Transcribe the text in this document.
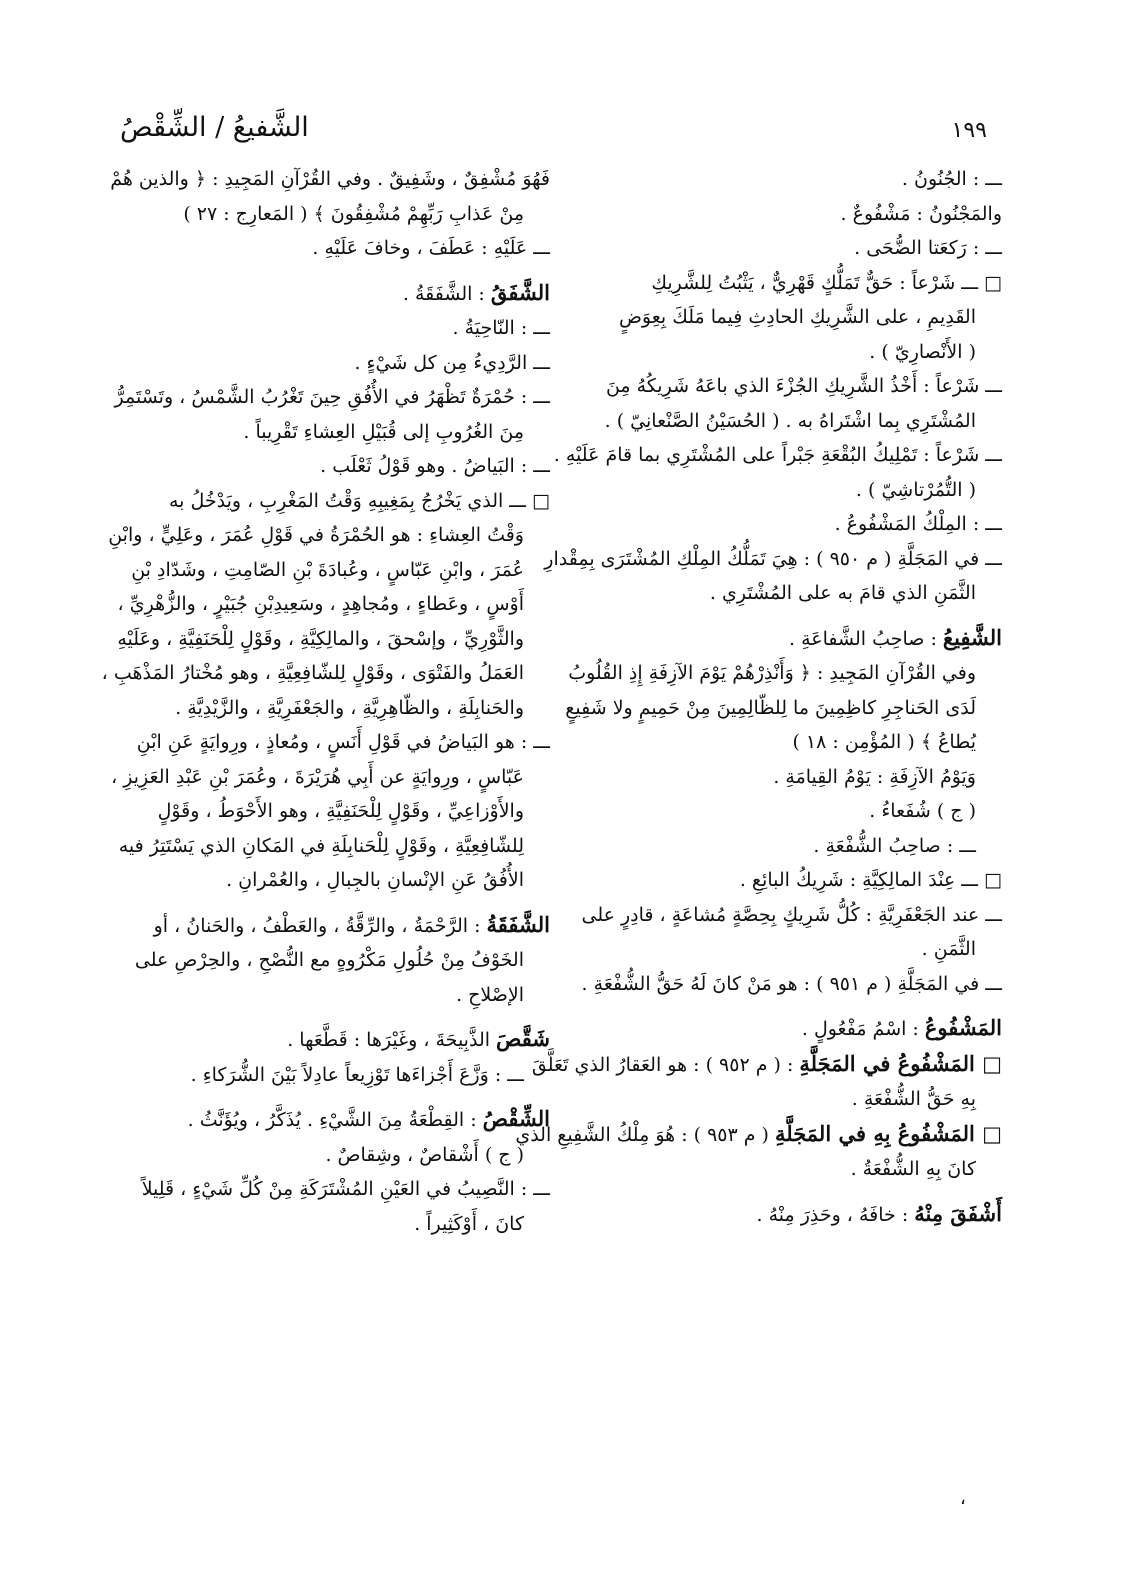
الشَّفيعُ / الشِّقْصُ	١٩٩
ـــ : الجُنُونُ .
والمَجْنُونُ : مَشْفُوعٌ .
ـــ : رَكعَتا الضُّحَى .
□ ـــ شَرْعاً : حَقٌّ تَمَلُّكٍ قَهْرِيٌّ ، يَثْبُتُ لِلشَّرِيكِ
القَدِيمِ ، على الشَّرِيكِ الحادِثِ فِيما مَلَكَ بِعِوَضٍ
( الأَنْصارِيّ ) .
ـــ شَرْعاً : أَخْذُ الشَّرِيكِ الجُزْءَ الذي باعَهُ شَرِيكُهُ مِنَ
المُشْتَرِي بِما اشْتَراهُ به . ( الحُسَيْنُ الصَّنْعانِيّ ) .
ـــ شَرْعاً : تَمْلِيكُ البُقْعَةِ جَبْراً على المُشْتَرِي بما قامَ عَلَيْهِ .
( التُّمُرْتاشِيّ ) .
ـــ : المِلْكُ المَشْفُوعُ .
ـــ في المَجَلَّةِ ( م ٩٥٠ ) : هِيَ تَمَلُّكُ المِلْكِ المُشْتَرَى بِمِقْدارِ
الثَّمَنِ الذي قامَ به على المُشْتَرِي .
الشَّفِيعُ : صاحِبُ الشَّفاعَةِ .
وفي القُرْآنِ المَجِيدِ : ﴿ وَأَنْذِرْهُمْ يَوْمَ الآزِفَةِ إِذِ القُلُوبُ
لَدَى الحَناجِرِ كاظِمِينَ ما لِلظّالِمِينَ مِنْ حَمِيمٍ ولا شَفِيعٍ
يُطاعُ ﴾ ( المُؤْمِن : ١٨ )
وَيَوْمُ الآزِفَةِ : يَوْمُ القِيامَةِ .
( ج ) شُفَعاءُ .
ـــ : صاحِبُ الشُّفْعَةِ .
□ ـــ عِنْدَ المالِكِيَّةِ : شَرِيكُ البائِعِ .
ـــ عند الجَعْفَرِيَّةِ : كُلُّ شَرِيكٍ بِحِصَّةٍ مُشاعَةٍ ، قادِرٍ على
الثَّمَنِ .
ـــ في المَجَلَّةِ ( م ٩٥١ ) : هو مَنْ كانَ لَهُ حَقُّ الشُّفْعَةِ .
المَشْفُوعُ : اسْمُ مَفْعُولٍ .
□ المَشْفُوعُ في المَجَلَّةِ : ( م ٩٥٢ ) : هو العَقارُ الذي تَعَلَّقَ
بِهِ حَقُّ الشُّفْعَةِ .
□ المَشْفُوعُ بِهِ في المَجَلَّةِ ( م ٩٥٣ ) : هُوَ مِلْكُ الشَّفِيعِ الذي
كانَ بِهِ الشُّفْعَةُ .
أَشْفَقَ مِنْهُ : خافَهُ ، وحَذِرَ مِنْهُ .
فَهُوَ مُشْفِقٌ ، وشَفِيقٌ . وفي القُرْآنِ المَجِيدِ : ﴿ والذين هُمْ
مِنْ عَذابِ رَبِّهِمْ مُشْفِقُونَ ﴾ ( المَعارِج : ٢٧ )
ـــ عَلَيْهِ : عَطَفَ ، وخافَ عَلَيْهِ .
الشَّفَقُ : الشَّفَقَةُ .
ـــ : النّاحِيَةُ .
ـــ الرَّدِيءُ مِن كل شَيْءٍ .
ـــ : حُمْرَةٌ تَظْهَرُ في الأُفُقِ حِينَ تَغْرُبُ الشَّمْسُ ، وتَسْتَمِرُّ
مِنَ الغُرُوبِ إلى قُبَيْلِ العِشاءِ تَقْرِيباً .
ـــ : البَياضُ . وهو قَوْلُ ثَعْلَب .
□ ـــ الذي يَخْرُجُ بِمَغِيبِهِ وَقْتُ المَغْرِبِ ، ويَدْخُلُ به
وَقْتُ العِشاءِ : هو الحُمْرَةُ في قَوْلِ عُمَرَ ، وعَلِيٍّ ، وابْنِ
عُمَرَ ، وابْنِ عَبّاسٍ ، وعُبادَةَ بْنِ الصّامِتِ ، وشَدّادِ بْنِ
أَوْسٍ ، وعَطاءٍ ، ومُجاهِدٍ ، وسَعِيدِبْنِ جُبَيْرٍ ، والزُّهْرِيِّ ،
والثَّوْرِيِّ ، وإسْحقَ ، والمالِكِيَّةِ ، وقَوْلٍ لِلْحَنَفِيَّةِ ، وعَلَيْهِ
العَمَلُ والفَتْوَى ، وقَوْلٍ لِلشّافِعِيَّةِ ، وهو مُخْتارُ المَذْهَبِ ،
والحَنابِلَةِ ، والظّاهِرِيَّةِ ، والجَعْفَرِيَّةِ ، والزَّيْدِيَّةِ .
ـــ : هو البَياضُ في قَوْلِ أَنَسٍ ، ومُعاذٍ ، ورِوايَةٍ عَنِ ابْنِ
عَبّاسٍ ، ورِوايَةٍ عن أَبِي هُرَيْرَةَ ، وعُمَرَ بْنِ عَبْدِ العَزِيزِ ،
والأَوْزاعِيِّ ، وقَوْلٍ لِلْحَنَفِيَّةِ ، وهو الأَحْوَطُ ، وقَوْلٍ
لِلشّافِعِيَّةِ ، وقَوْلٍ لِلْحَنابِلَةِ في المَكانِ الذي يَسْتَتِرُ فيه
الأُفُقُ عَنِ الإنْسانِ بالجِبالِ ، والعُمْرانِ .
الشَّفَقَةُ : الرَّحْمَةُ ، والرِّقَّةُ ، والعَطْفُ ، والحَنانُ ، أو
الخَوْفُ مِنْ حُلُولِ مَكْرُوهٍ مع النُّصْحِ ، والحِرْصِ على
الإصْلاحِ .
شَقَّصَ الذَّبِيحَةَ ، وغَيْرَها : قَطَّعَها .
ـــ : وَزَّعَ أَجْزاءَها تَوْزِيعاً عادِلاً بَيْنَ الشُّرَكاءِ .
الشِّقْصُ : القِطْعَةُ مِنَ الشَّيْءِ . يُذَكَّرُ ، ويُؤَنَّثُ .
( ج ) أَشْقاصٌ ، وشِقاصٌ .
ـــ : النَّصِيبُ في العَيْنِ المُشْتَرَكَةِ مِنْ كُلِّ شَيْءٍ ، قَلِيلاً
كانَ ، أَوْكَثِيراً .
،
